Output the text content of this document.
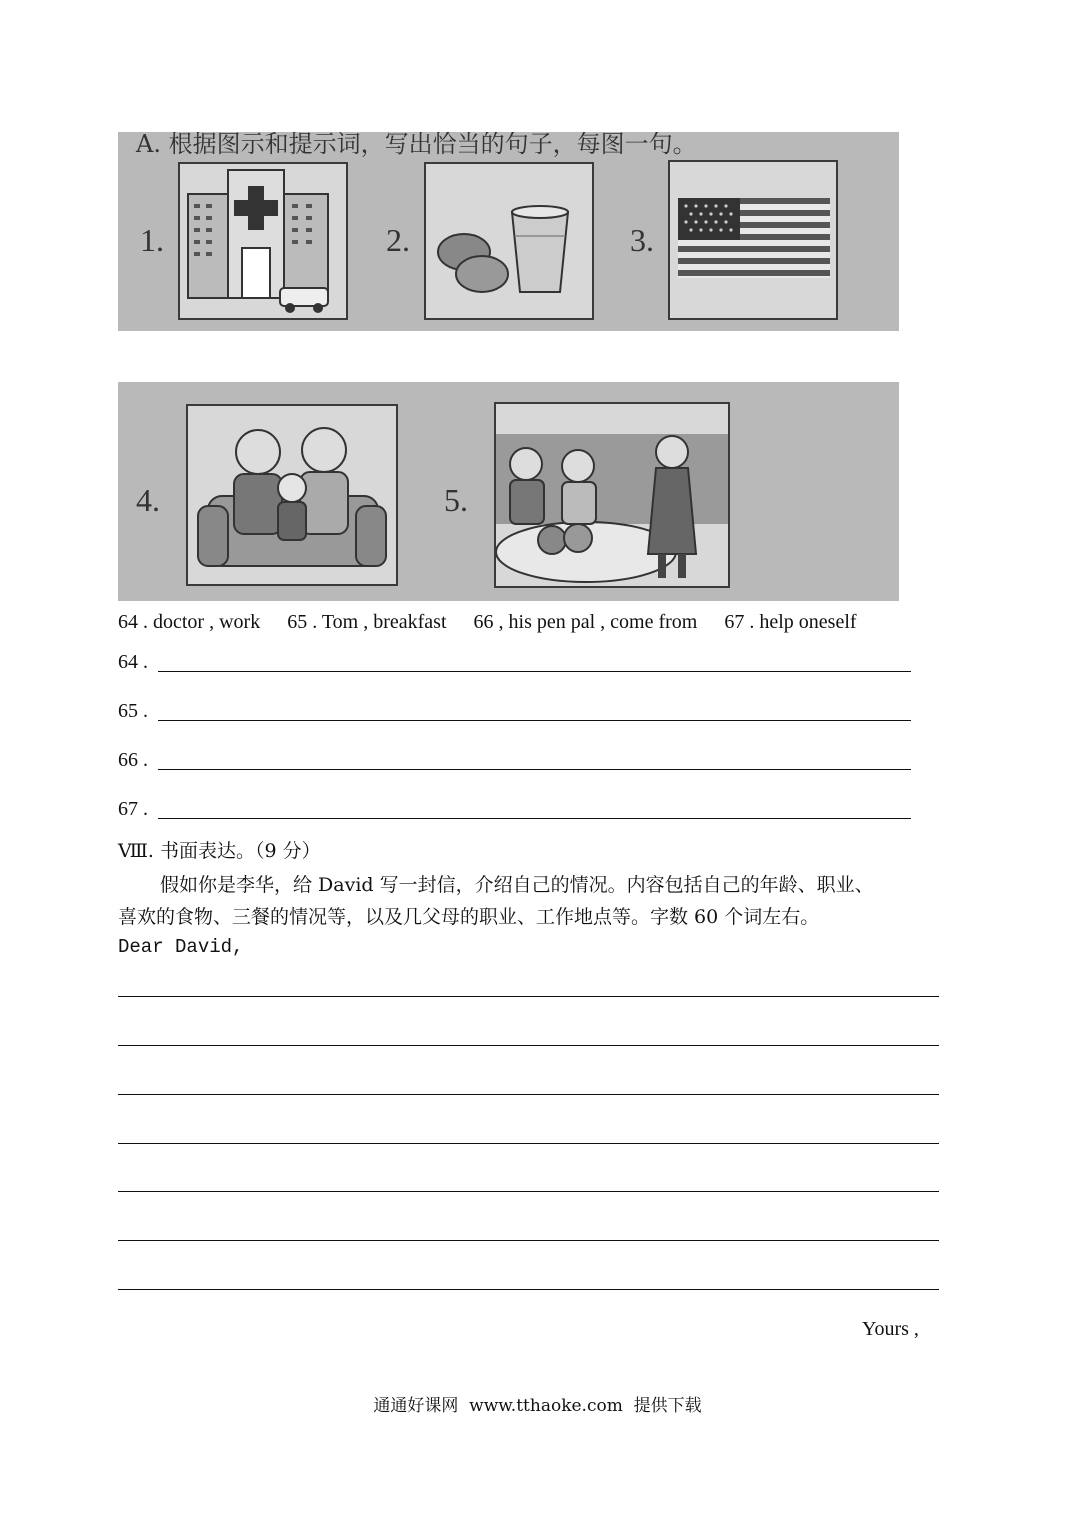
A. 根据图示和提示词，写出恰当的句子，每图一句。
1.	2.	3.
4.	5.
64 . doctor , work 65 . Tom , breakfast 66 , his pen pal , come from 67 . help oneself
64 .
65 .
66 .
67 .
Ⅷ. 书面表达。（9 分）
假如你是李华，给 David 写一封信，介绍自己的情况。内容包括自己的年龄、职业、
喜欢的食物、三餐的情况等，以及几父母的职业、工作地点等。字数 60 个词左右。
Dear David,
Yours ,
通通好课网  www.tthaoke.com  提供下载
